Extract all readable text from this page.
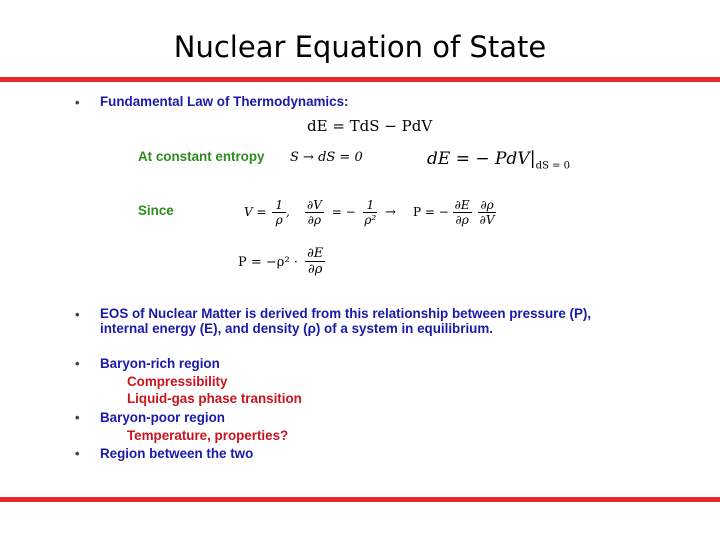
Nuclear Equation of State
• Fundamental Law of Thermodynamics:
dE = TdS − PdV
At constant entropy S → dS = 0	dE = − $PdV|_{dS = 0}$
Since	$V = \frac{1}{\rho}$ , $\frac{\partial V}{\partial\rho}$ = − $\frac{1}{\text{ρ²}} \to P$ = − $\frac{\partial E}{\partial\rho}$
$\frac{\partial\rho}{\partial V}$
$P = -\rho^2 \cdot \frac{\partial E}{\partial\rho}$
• EOS of Nuclear Matter is derived from this relationship between pressure (P),
internal energy (E), and density (ρ) of a system in equilibrium.
• Baryon-rich region
Compressibility
Liquid-gas phase transition
• Baryon-poor region
Temperature, properties?
• Region between the two
